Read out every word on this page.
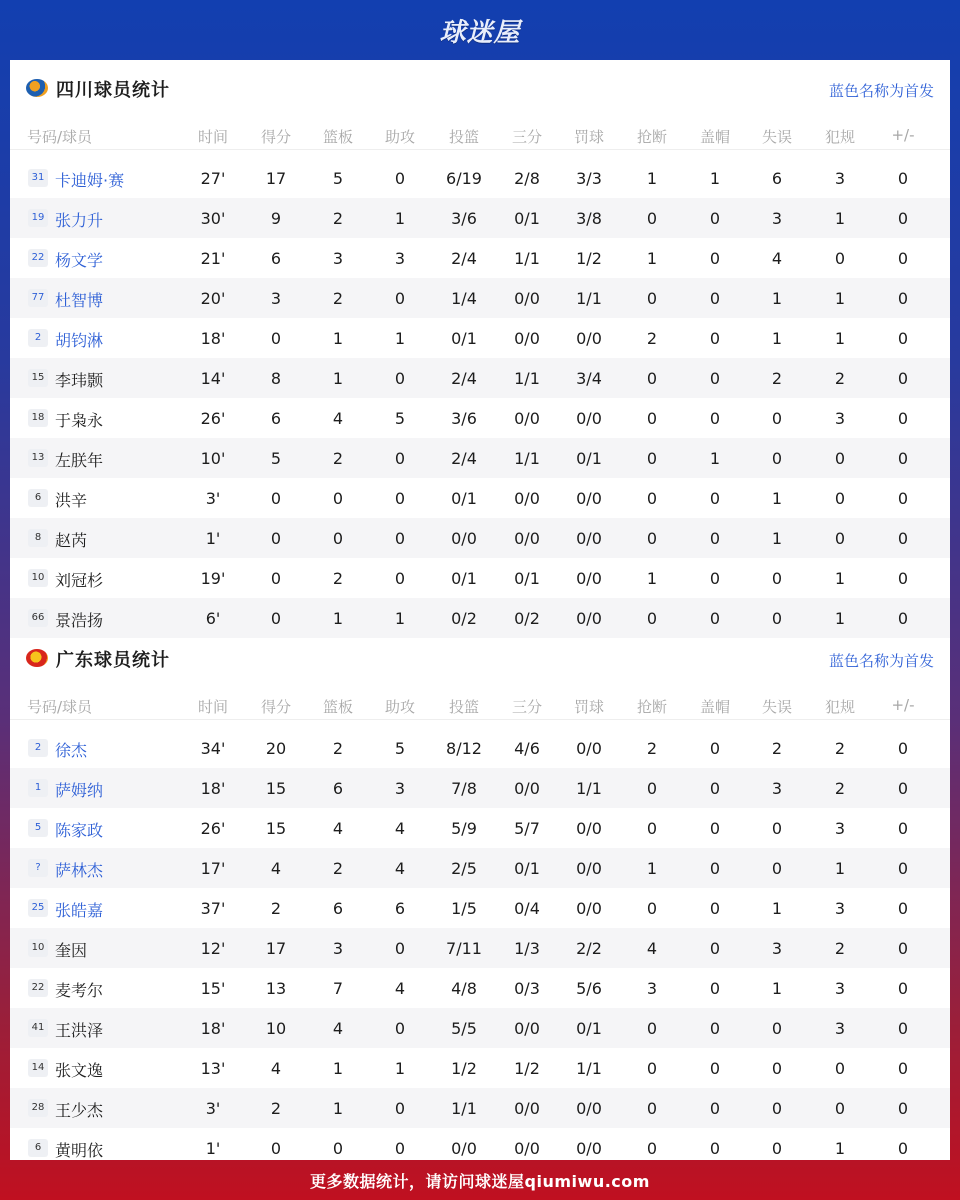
球迷屋
四川球员统计	蓝色名称为首发
号码/球员	时间	得分	篮板	助攻	投篮	三分	罚球	抢断	盖帽	失误	犯规	+/-
31 卡迪姆·赛	27'	17	5	0	6/19	2/8	3/3	1	1	6	3	0
19 张力升	30'	9	2	1	3/6	0/1	3/8	0	0	3	1	0
22 杨文学	21'	6	3	3	2/4	1/1	1/2	1	0	4	0	0
77 杜智博	20'	3	2	0	1/4	0/0	1/1	0	0	1	1	0
2 胡钧淋	18'	0	1	1	0/1	0/0	0/0	2	0	1	1	0
15 李玮颢	14'	8	1	0	2/4	1/1	3/4	0	0	2	2	0
18 于枭永	26'	6	4	5	3/6	0/0	0/0	0	0	0	3	0
13 左朕年	10'	5	2	0	2/4	1/1	0/1	0	1	0	0	0
6 洪辛	3'	0	0	0	0/1	0/0	0/0	0	0	1	0	0
8 赵芮	1'	0	0	0	0/0	0/0	0/0	0	0	1	0	0
10 刘冠杉	19'	0	2	0	0/1	0/1	0/0	1	0	0	1	0
66 景浩扬	6'	0	1	1	0/2	0/2	0/0	0	0	0	1	0
广东球员统计	蓝色名称为首发
号码/球员	时间	得分	篮板	助攻	投篮	三分	罚球	抢断	盖帽	失误	犯规	+/-
2 徐杰	34'	20	2	5	8/12	4/6	0/0	2	0	2	2	0
1 萨姆纳	18'	15	6	3	7/8	0/0	1/1	0	0	3	2	0
5 陈家政	26'	15	4	4	5/9	5/7	0/0	0	0	0	3	0
? 萨林杰	17'	4	2	4	2/5	0/1	0/0	1	0	0	1	0
25 张皓嘉	37'	2	6	6	1/5	0/4	0/0	0	0	1	3	0
10 奎因	12'	17	3	0	7/11	1/3	2/2	4	0	3	2	0
22 麦考尔	15'	13	7	4	4/8	0/3	5/6	3	0	1	3	0
41 王洪泽	18'	10	4	0	5/5	0/0	0/1	0	0	0	3	0
14 张文逸	13'	4	1	1	1/2	1/2	1/1	0	0	0	0	0
28 王少杰	3'	2	1	0	1/1	0/0	0/0	0	0	0	0	0
6 黄明依	1'	0	0	0	0/0	0/0	0/0	0	0	0	1	0
更多数据统计，请访问球迷屋qiumiwu.com
